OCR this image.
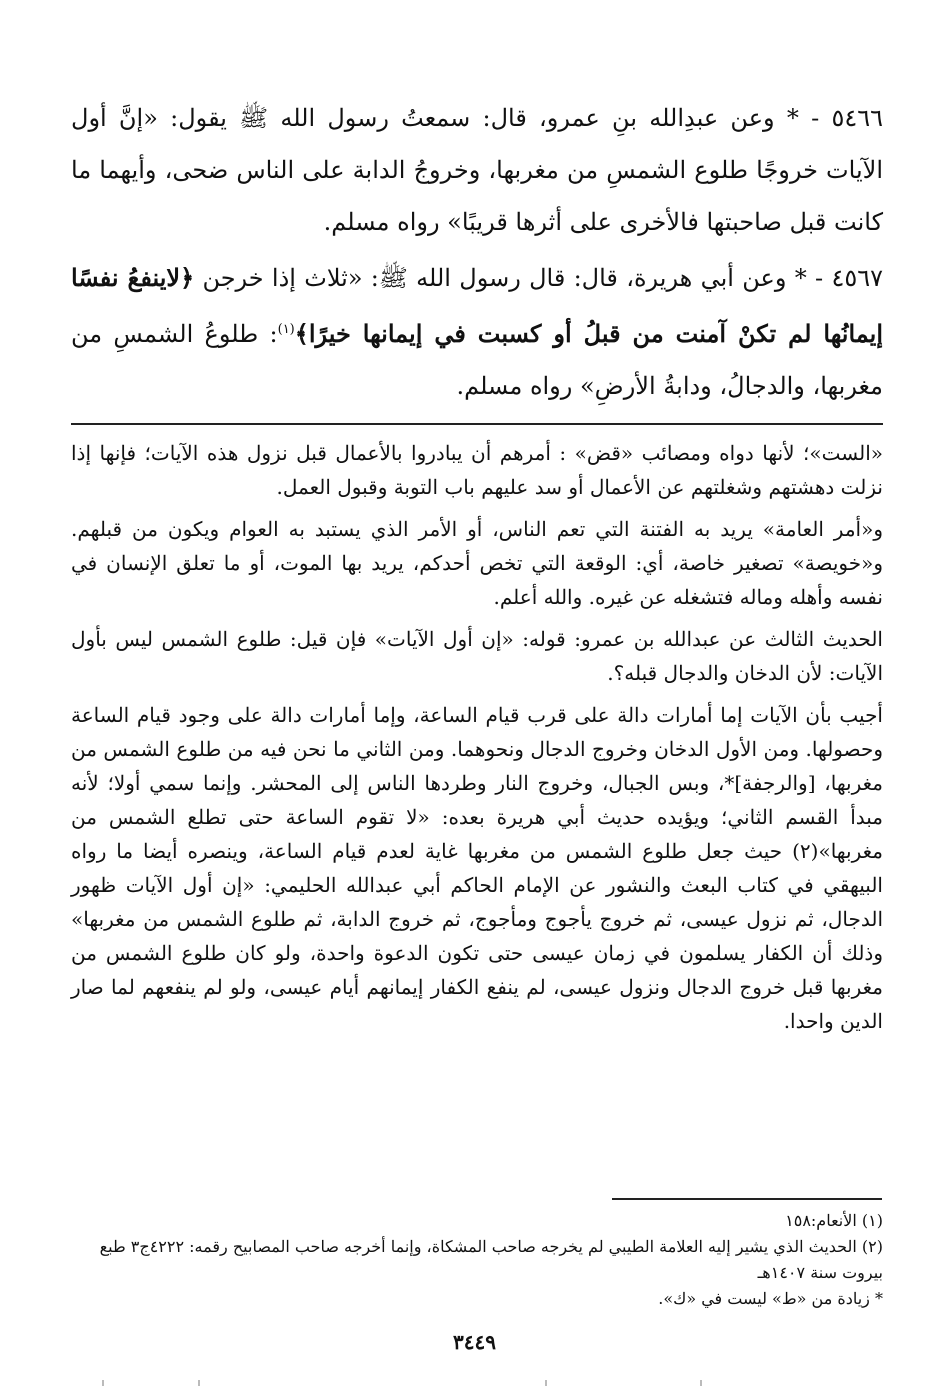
٥٤٦٦ - * وعن عبدِالله بنِ عمرو، قال: سمعتُ رسول الله ﷺ يقول: «إنَّ أول الآيات خروجًا طلوع الشمسِ من مغربها، وخروجُ الدابة على الناس ضحى، وأيهما ما كانت قبل صاحبتها فالأخرى على أثرها قريبًا» رواه مسلم.
٤٥٦٧ - * وعن أبي هريرة، قال: قال رسول الله ﷺ: «ثلاث إذا خرجن ﴿لاينفعُ نفسًا إيمانُها لم تكنْ آمنت من قبلُ أو كسبت في إيمانها خيرًا﴾$^{(١)}$: طلوعُ الشمسِ من مغربها، والدجالُ، ودابةُ الأرضِ» رواه مسلم.

«الست»؛ لأنها دواه ومصائب «قض» : أمرهم أن يبادروا بالأعمال قبل نزول هذه الآيات؛ فإنها إذا نزلت دهشتهم وشغلتهم عن الأعمال أو سد عليهم باب التوبة وقبول العمل.

و«أمر العامة» يريد به الفتنة التي تعم الناس، أو الأمر الذي يستبد به العوام ويكون من قبلهم. و«خويصة» تصغير خاصة، أي: الوقعة التي تخص أحدكم، يريد بها الموت، أو ما تعلق الإنسان في نفسه وأهله وماله فتشغله عن غيره. والله أعلم.

الحديث الثالث عن عبدالله بن عمرو: قوله: «إن أول الآيات» فإن قيل: طلوع الشمس ليس بأول الآيات: لأن الدخان والدجال قبله؟.

أجيب بأن الآيات إما أمارات دالة على قرب قيام الساعة، وإما أمارات دالة على وجود قيام الساعة وحصولها. ومن الأول الدخان وخروج الدجال ونحوهما. ومن الثاني ما نحن فيه من طلوع الشمس من مغربها، [والرجفة]*، وبس الجبال، وخروج النار وطردها الناس إلى المحشر. وإنما سمي أولا؛ لأنه مبدأ القسم الثاني؛ ويؤيده حديث أبي هريرة بعده: «لا تقوم الساعة حتى تطلع الشمس من مغربها»(٢) حيث جعل طلوع الشمس من مغربها غاية لعدم قيام الساعة، وينصره أيضا ما رواه البيهقي في كتاب البعث والنشور عن الإمام الحاكم أبي عبدالله الحليمي: «إن أول الآيات ظهور الدجال، ثم نزول عيسى، ثم خروج يأجوج ومأجوج، ثم خروج الدابة، ثم طلوع الشمس من مغربها» وذلك أن الكفار يسلمون في زمان عيسى حتى تكون الدعوة واحدة، ولو كان طلوع الشمس من مغربها قبل خروج الدجال ونزول عيسى، لم ينفع الكفار إيمانهم أيام عيسى، ولو لم ينفعهم لما صار الدين واحدا.

(١) الأنعام:١٥٨
(٢) الحديث الذي يشير إليه العلامة الطيبي لم يخرجه صاحب المشكاة، وإنما أخرجه صاحب المصابيح رقمه: ٤٢٢٢ج٣ طبع بيروت سنة ١٤٠٧هـ
* زيادة من «ط» ليست في «ك».
٣٤٤٩
